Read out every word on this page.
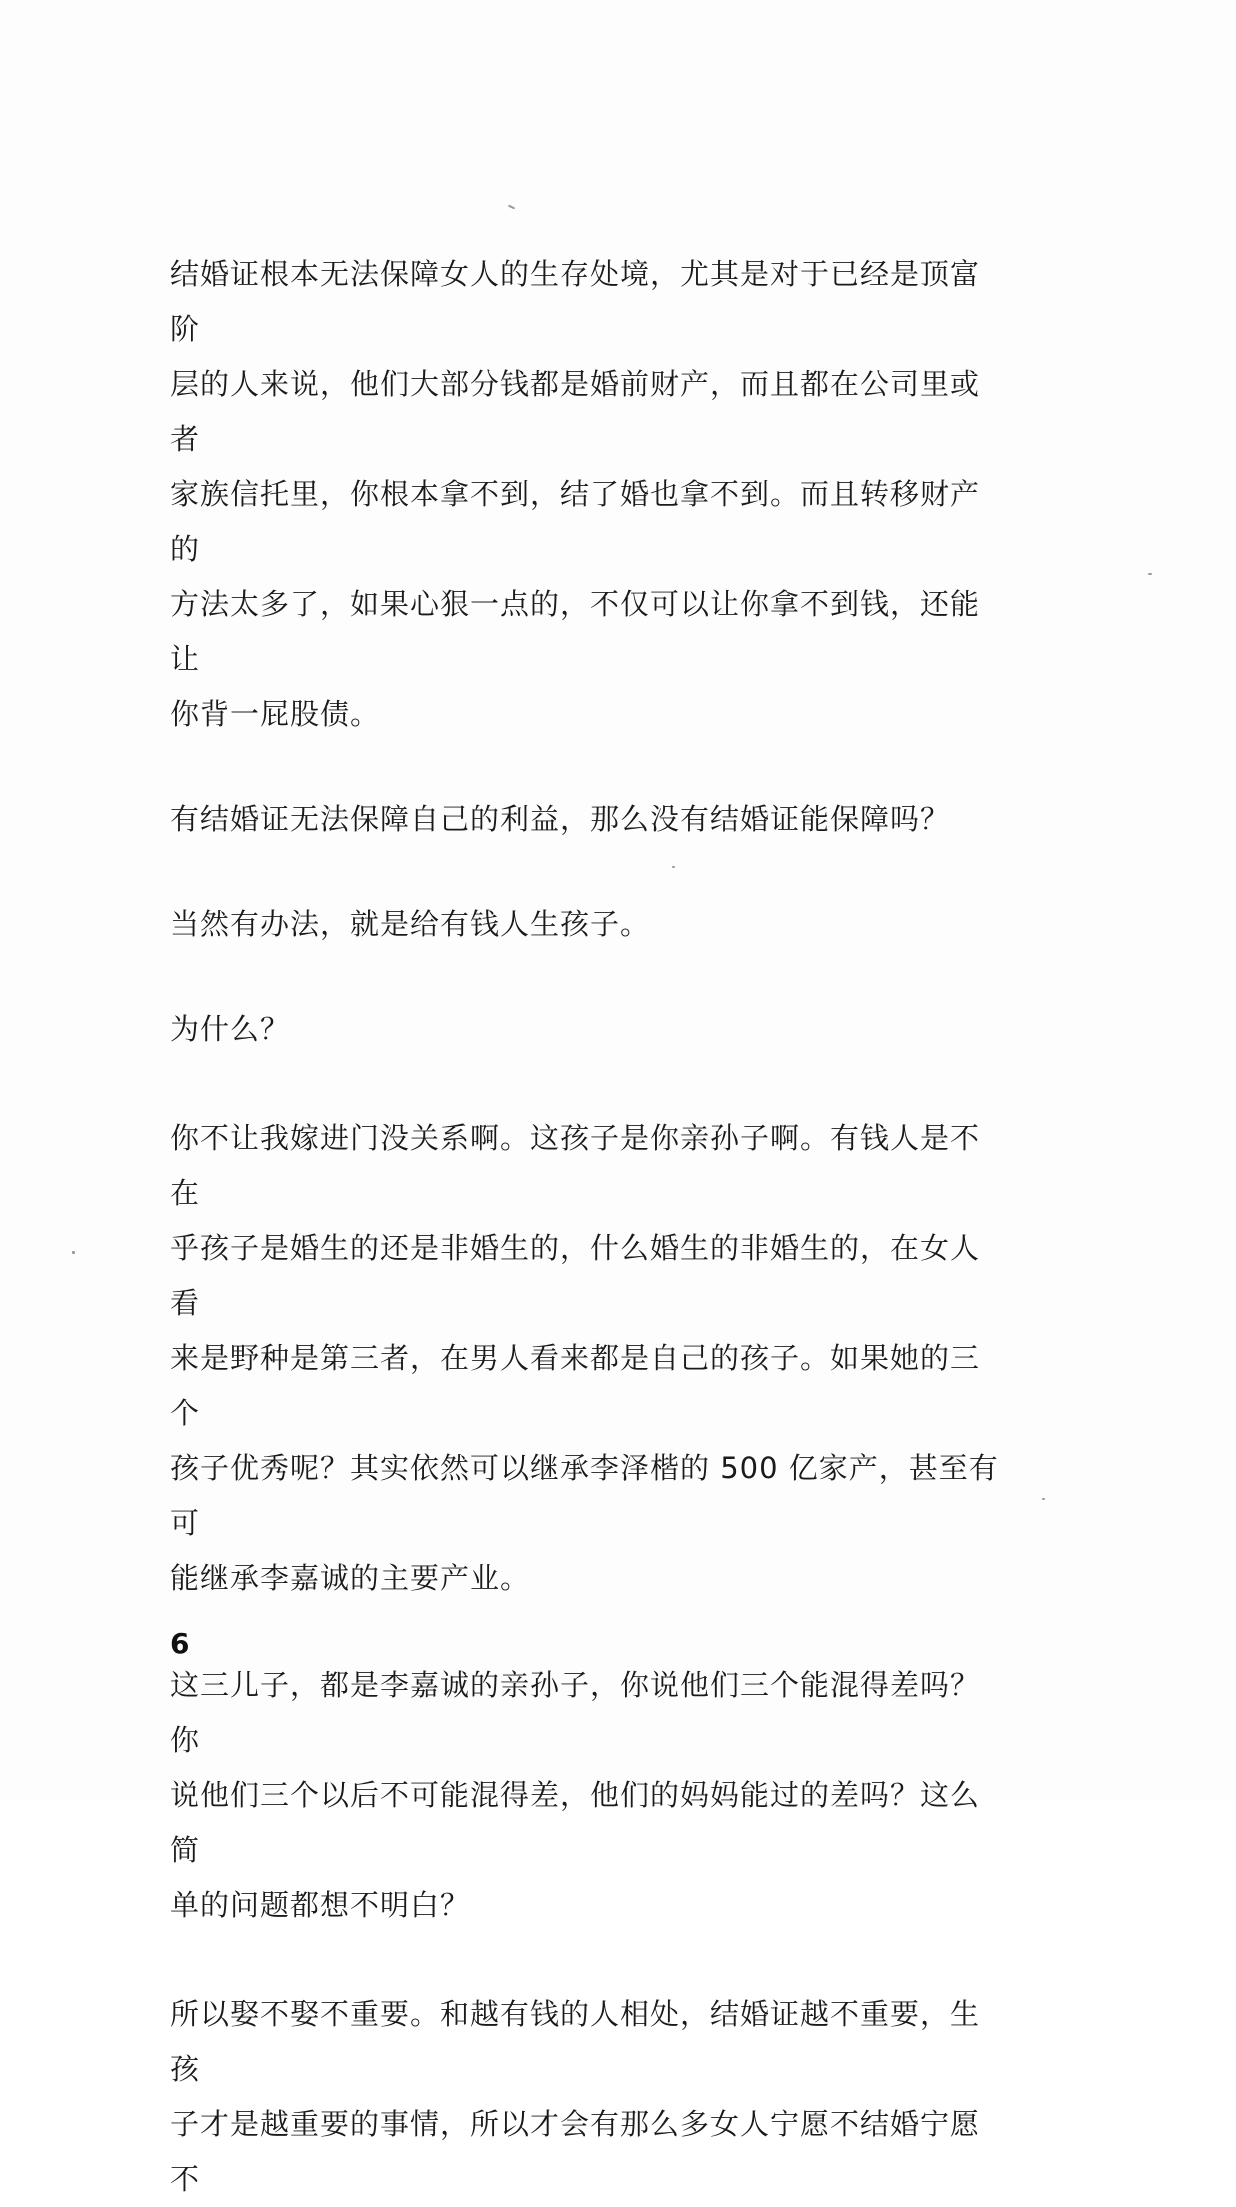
结婚证根本无法保障女人的生存处境，尤其是对于已经是顶富阶
层的人来说，他们大部分钱都是婚前财产，而且都在公司里或者
家族信托里，你根本拿不到，结了婚也拿不到。而且转移财产的
方法太多了，如果心狠一点的，不仅可以让你拿不到钱，还能让
你背一屁股债。

有结婚证无法保障自己的利益，那么没有结婚证能保障吗？

当然有办法，就是给有钱人生孩子。

为什么？

你不让我嫁进门没关系啊。这孩子是你亲孙子啊。有钱人是不在
乎孩子是婚生的还是非婚生的，什么婚生的非婚生的，在女人看
来是野种是第三者，在男人看来都是自己的孩子。如果她的三个
孩子优秀呢？其实依然可以继承李泽楷的 500 亿家产，甚至有可
能继承李嘉诚的主要产业。

这三儿子，都是李嘉诚的亲孙子，你说他们三个能混得差吗？你
说他们三个以后不可能混得差，他们的妈妈能过的差吗？这么简
单的问题都想不明白？

所以娶不娶不重要。和越有钱的人相处，结婚证越不重要，生孩
子才是越重要的事情，所以才会有那么多女人宁愿不结婚宁愿不

6
